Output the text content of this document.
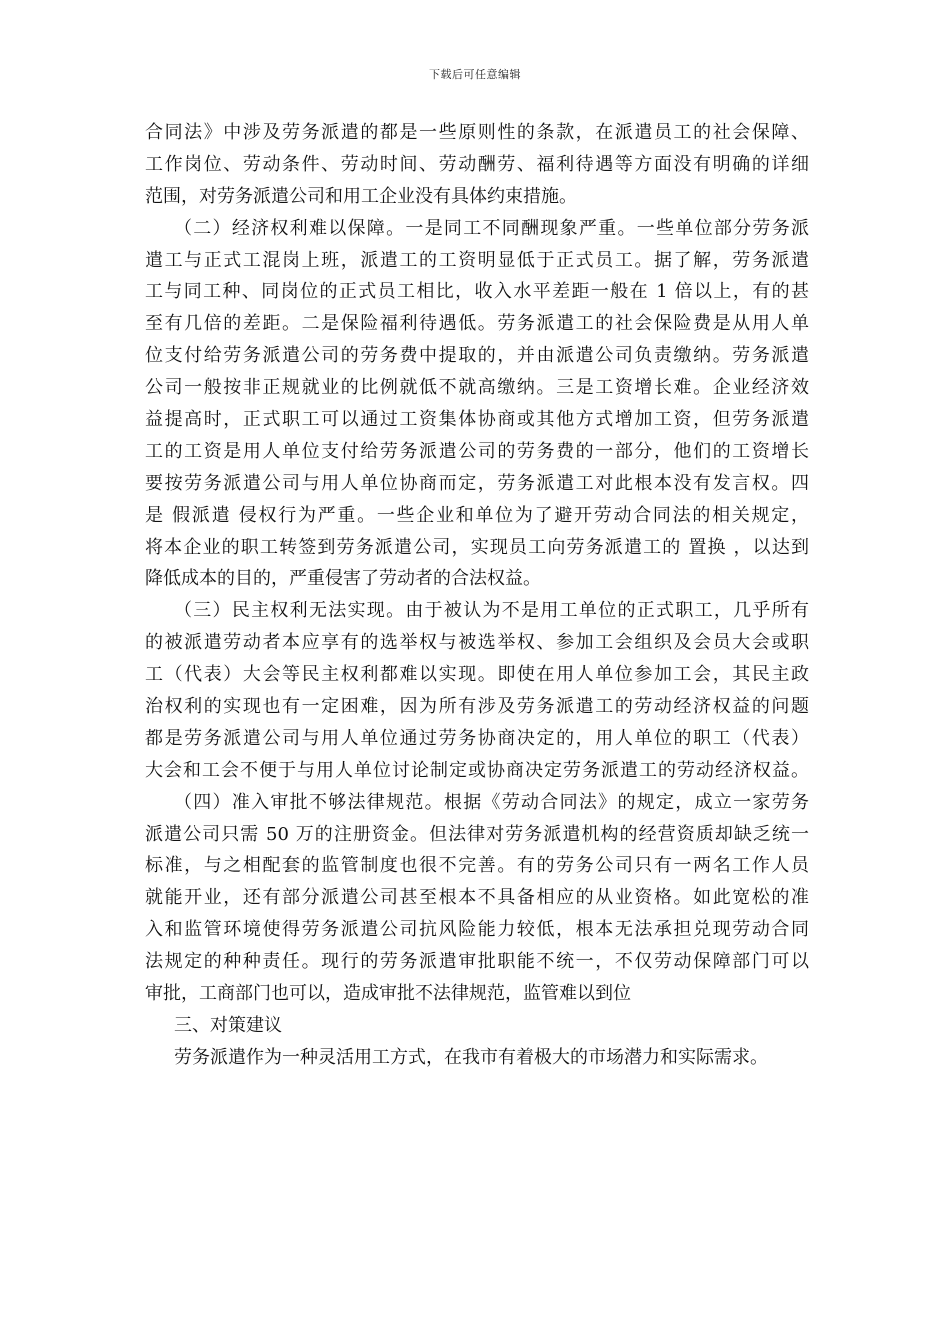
下载后可任意编辑
合同法》中涉及劳务派遣的都是一些原则性的条款，在派遣员工的社会保障、
工作岗位、劳动条件、劳动时间、劳动酬劳、福利待遇等方面没有明确的详细
范围，对劳务派遣公司和用工企业没有具体约束措施。
（二）经济权利难以保障。一是同工不同酬现象严重。一些单位部分劳务派
遣工与正式工混岗上班，派遣工的工资明显低于正式员工。据了解，劳务派遣
工与同工种、同岗位的正式员工相比，收入水平差距一般在 1 倍以上，有的甚
至有几倍的差距。二是保险福利待遇低。劳务派遣工的社会保险费是从用人单
位支付给劳务派遣公司的劳务费中提取的，并由派遣公司负责缴纳。劳务派遣
公司一般按非正规就业的比例就低不就高缴纳。三是工资增长难。企业经济效
益提高时，正式职工可以通过工资集体协商或其他方式增加工资，但劳务派遣
工的工资是用人单位支付给劳务派遣公司的劳务费的一部分，他们的工资增长
要按劳务派遣公司与用人单位协商而定，劳务派遣工对此根本没有发言权。四
是 假派遣 侵权行为严重。一些企业和单位为了避开劳动合同法的相关规定，
将本企业的职工转签到劳务派遣公司，实现员工向劳务派遣工的 置换 ，以达到
降低成本的目的，严重侵害了劳动者的合法权益。
（三）民主权利无法实现。由于被认为不是用工单位的正式职工，几乎所有
的被派遣劳动者本应享有的选举权与被选举权、参加工会组织及会员大会或职
工（代表）大会等民主权利都难以实现。即使在用人单位参加工会，其民主政
治权利的实现也有一定困难，因为所有涉及劳务派遣工的劳动经济权益的问题
都是劳务派遣公司与用人单位通过劳务协商决定的，用人单位的职工（代表）
大会和工会不便于与用人单位讨论制定或协商决定劳务派遣工的劳动经济权益。
（四）准入审批不够法律规范。根据《劳动合同法》的规定，成立一家劳务
派遣公司只需 50 万的注册资金。但法律对劳务派遣机构的经营资质却缺乏统一
标准，与之相配套的监管制度也很不完善。有的劳务公司只有一两名工作人员
就能开业，还有部分派遣公司甚至根本不具备相应的从业资格。如此宽松的准
入和监管环境使得劳务派遣公司抗风险能力较低，根本无法承担兑现劳动合同
法规定的种种责任。现行的劳务派遣审批职能不统一，不仅劳动保障部门可以
审批，工商部门也可以，造成审批不法律规范，监管难以到位
三、对策建议
劳务派遣作为一种灵活用工方式，在我市有着极大的市场潜力和实际需求。
